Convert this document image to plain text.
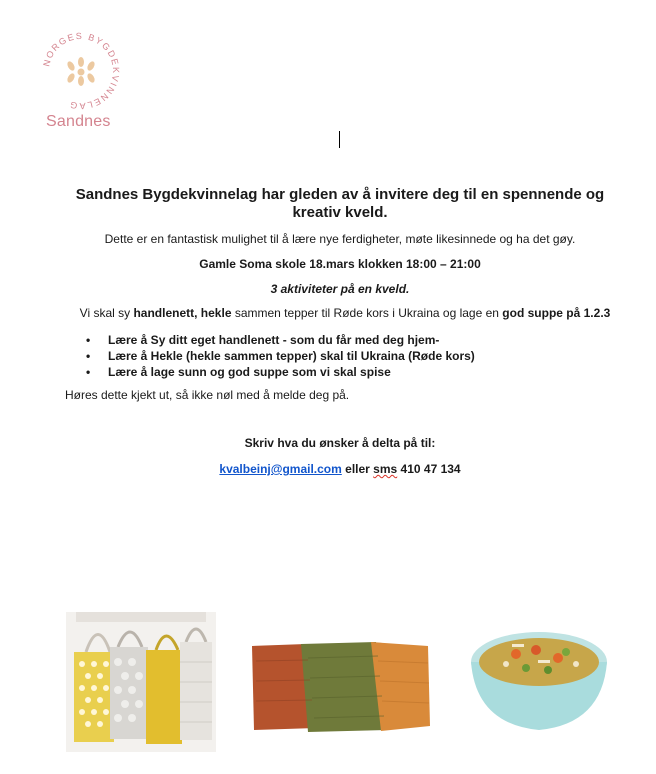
NORGES BYGDEKVINNELAG
Sandnes
Sandnes Bygdekvinnelag har gleden av å invitere deg til en spennende og kreativ kveld.
Dette er en fantastisk mulighet til å lære nye ferdigheter, møte likesinnede og ha det gøy.
Gamle Soma skole 18.mars klokken 18:00 – 21:00
3 aktiviteter på en kveld.
Vi skal sy handlenett, hekle sammen tepper til Røde kors i Ukraina og lage en god suppe på 1.2.3
• Lære å Sy ditt eget handlenett - som du får med deg hjem-
• Lære å Hekle (hekle sammen tepper) skal til Ukraina (Røde kors)
• Lære å lage sunn og god suppe som vi skal spise
Høres dette kjekt ut, så ikke nøl med å melde deg på.
Skriv hva du ønsker å delta på til:
kvalbeinj@gmail.com eller sms 410 47 134
